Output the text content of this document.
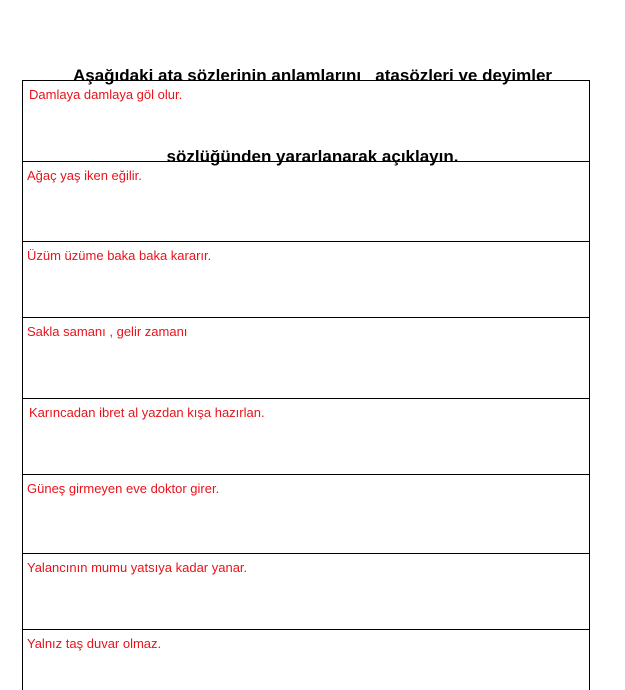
Aşağıdaki ata sözlerinin anlamlarını   atasözleri ve deyimler

sözlüğünden yararlanarak açıklayın.

Damlaya damlaya göl olur.
Ağaç yaş iken eğilir.
Üzüm üzüme baka baka kararır.
Sakla samanı , gelir zamanı
Karıncadan ibret al yazdan kışa hazırlan.
Güneş girmeyen eve doktor girer.
Yalancının mumu yatsıya kadar yanar.
Yalnız taş duvar olmaz.
